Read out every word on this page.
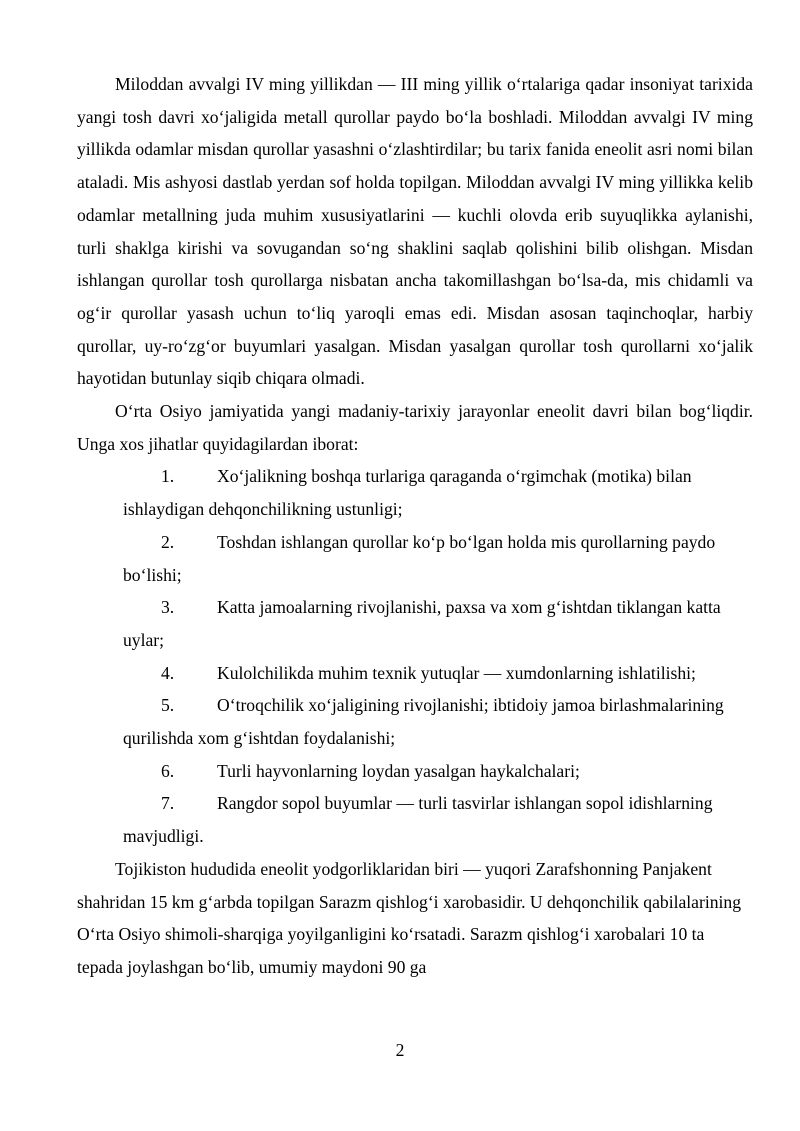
Miloddan avvalgi IV ming yillikdan — III ming yillik o‘rtalariga qadar insoniyat tarixida yangi tosh davri xo‘jaligida metall qurollar paydo bo‘la boshladi. Miloddan avvalgi IV ming yillikda odamlar misdan qurollar yasashni o‘zlashtirdilar; bu tarix fanida eneolit asri nomi bilan ataladi. Mis ashyosi dastlab yerdan sof holda topilgan. Miloddan avvalgi IV ming yillikka kelib odamlar metallning juda muhim xususiyatlarini — kuchli olovda erib suyuqlikka aylanishi, turli shaklga kirishi va sovugandan so‘ng shaklini saqlab qolishini bilib olishgan. Misdan ishlangan qurollar tosh qurollarga nisbatan ancha takomillashgan bo‘lsa-da, mis chidamli va og‘ir qurollar yasash uchun to‘liq yaroqli emas edi. Misdan asosan taqinchoqlar, harbiy qurollar, uy-ro‘zg‘or buyumlari yasalgan. Misdan yasalgan qurollar tosh qurollarni xo‘jalik hayotidan butunlay siqib chiqara olmadi.

O‘rta Osiyo jamiyatida yangi madaniy-tarixiy jarayonlar eneolit davri bilan bog‘liqdir. Unga xos jihatlar quyidagilardan iborat:

1. Xo‘jalikning boshqa turlariga qaraganda o‘rgimchak (motika) bilan ishlaydigan dehqonchilikning ustunligi;
2. Toshdan ishlangan qurollar ko‘p bo‘lgan holda mis qurollarning paydo bo‘lishi;
3. Katta jamoalarning rivojlanishi, paxsa va xom g‘ishtdan tiklangan katta uylar;
4. Kulolchilikda muhim texnik yutuqlar — xumdonlarning ishlatilishi;
5. O‘troqchilik xo‘jaligining rivojlanishi; ibtidoiy jamoa birlashmalarining qurilishda xom g‘ishtdan foydalanishi;
6. Turli hayvonlarning loydan yasalgan haykalchalari;
7. Rangdor sopol buyumlar — turli tasvirlar ishlangan sopol idishlarning mavjudligi.

Tojikiston hududida eneolit yodgorliklaridan biri — yuqori Zarafshonning Panjakent shahridan 15 km g‘arbda topilgan Sarazm qishlog‘i xarobasidir. U dehqonchilik qabilalarining O‘rta Osiyo shimoli-sharqiga yoyilganligini ko‘rsatadi. Sarazm qishlog‘i xarobalari 10 ta tepada joylashgan bo‘lib, umumiy maydoni 90 ga

2
